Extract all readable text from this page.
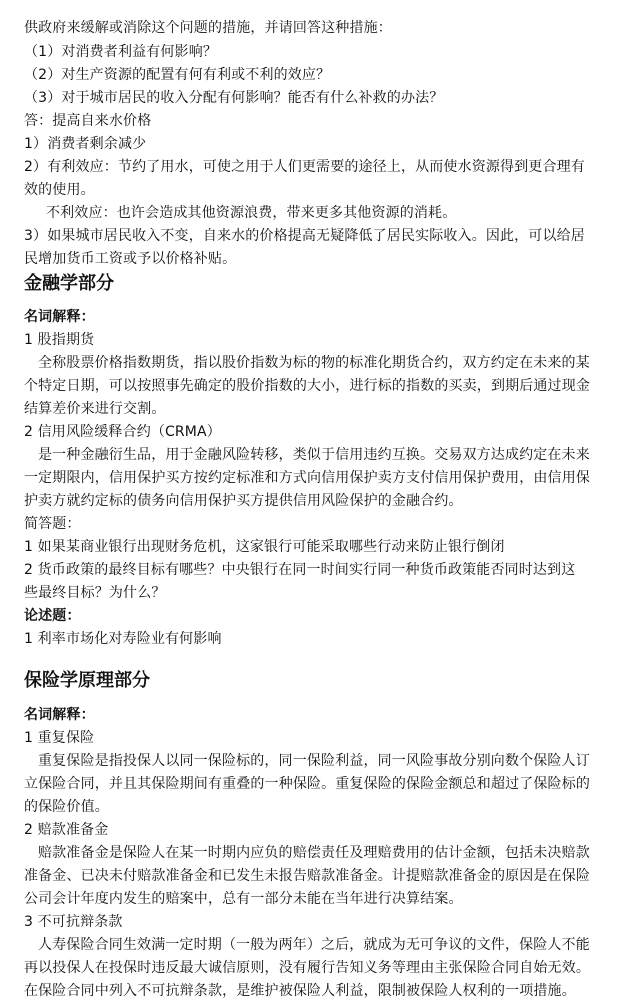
供政府来缓解或消除这个问题的措施，并请回答这种措施：
（1）对消费者利益有何影响？
（2）对生产资源的配置有何有利或不利的效应？
（3）对于城市居民的收入分配有何影响？能否有什么补救的办法？
答：提高自来水价格
1）消费者剩余减少
2）有利效应：节约了用水，可使之用于人们更需要的途径上，从而使水资源得到更合理有
效的使用。
不利效应：也许会造成其他资源浪费，带来更多其他资源的消耗。
3）如果城市居民收入不变，自来水的价格提高无疑降低了居民实际收入。因此，可以给居
民增加货币工资或予以价格补贴。
金融学部分
名词解释：
1 股指期货
全称股票价格指数期货，指以股价指数为标的物的标准化期货合约，双方约定在未来的某
个特定日期，可以按照事先确定的股价指数的大小，进行标的指数的买卖，到期后通过现金
结算差价来进行交割。
2 信用风险缓释合约（CRMA）
是一种金融衍生品，用于金融风险转移，类似于信用违约互换。交易双方达成约定在未来
一定期限内，信用保护买方按约定标准和方式向信用保护卖方支付信用保护费用，由信用保
护卖方就约定标的债务向信用保护买方提供信用风险保护的金融合约。
简答题：
1 如果某商业银行出现财务危机，这家银行可能采取哪些行动来防止银行倒闭
2 货币政策的最终目标有哪些？中央银行在同一时间实行同一种货币政策能否同时达到这
些最终目标？为什么？
论述题：
1 利率市场化对寿险业有何影响
保险学原理部分
名词解释：
1 重复保险
重复保险是指投保人以同一保险标的，同一保险利益，同一风险事故分别向数个保险人订
立保险合同，并且其保险期间有重叠的一种保险。重复保险的保险金额总和超过了保险标的
的保险价值。
2 赔款准备金
赔款准备金是保险人在某一时期内应负的赔偿责任及理赔费用的估计金额，包括未决赔款
准备金、已决未付赔款准备金和已发生未报告赔款准备金。计提赔款准备金的原因是在保险
公司会计年度内发生的赔案中，总有一部分未能在当年进行决算结案。
3 不可抗辩条款
人寿保险合同生效满一定时期（一般为两年）之后，就成为无可争议的文件，保险人不能
再以投保人在投保时违反最大诚信原则，没有履行告知义务等理由主张保险合同自始无效。
在保险合同中列入不可抗辩条款，是维护被保险人利益，限制被保险人权利的一项措施。
